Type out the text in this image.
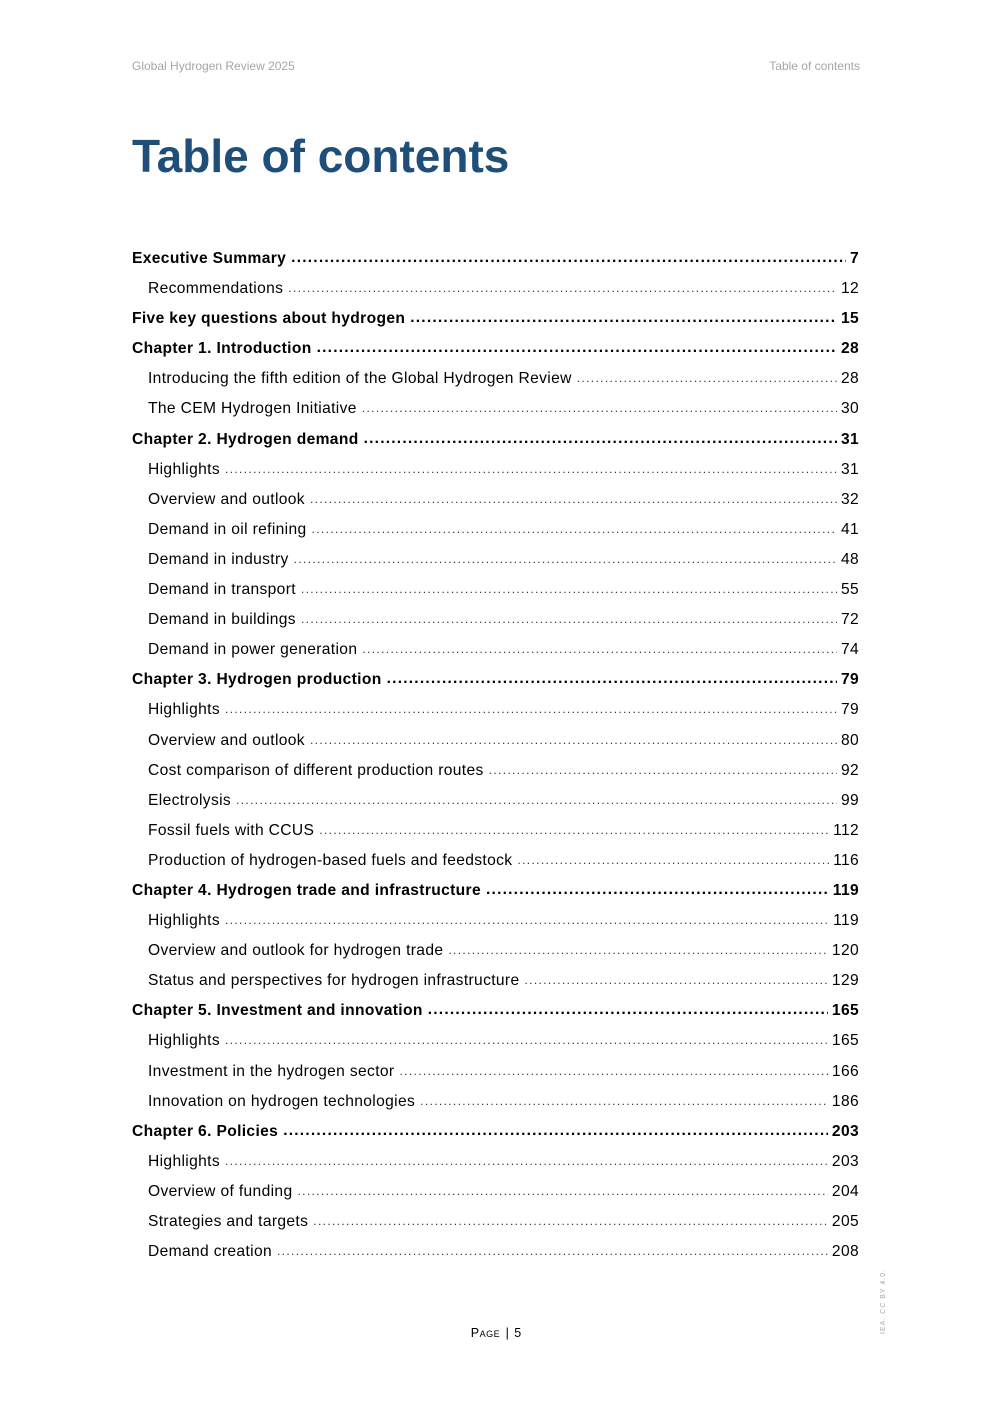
Global Hydrogen Review 2025	Table of contents
Table of contents
Executive Summary .....	7
Recommendations .....	12
Five key questions about hydrogen .....	15
Chapter 1. Introduction .....	28
Introducing the fifth edition of the Global Hydrogen Review .....	28
The CEM Hydrogen Initiative .....	30
Chapter 2. Hydrogen demand .....	31
Highlights .....	31
Overview and outlook .....	32
Demand in oil refining .....	41
Demand in industry .....	48
Demand in transport .....	55
Demand in buildings .....	72
Demand in power generation .....	74
Chapter 3. Hydrogen production .....	79
Highlights .....	79
Overview and outlook .....	80
Cost comparison of different production routes .....	92
Electrolysis .....	99
Fossil fuels with CCUS .....	112
Production of hydrogen-based fuels and feedstock .....	116
Chapter 4. Hydrogen trade and infrastructure .....	119
Highlights .....	119
Overview and outlook for hydrogen trade .....	120
Status and perspectives for hydrogen infrastructure .....	129
Chapter 5. Investment and innovation .....	165
Highlights .....	165
Investment in the hydrogen sector .....	166
Innovation on hydrogen technologies .....	186
Chapter 6. Policies .....	203
Highlights .....	203
Overview of funding .....	204
Strategies and targets .....	205
Demand creation .....	208
Page | 5	IEA. CC BY 4.0.
